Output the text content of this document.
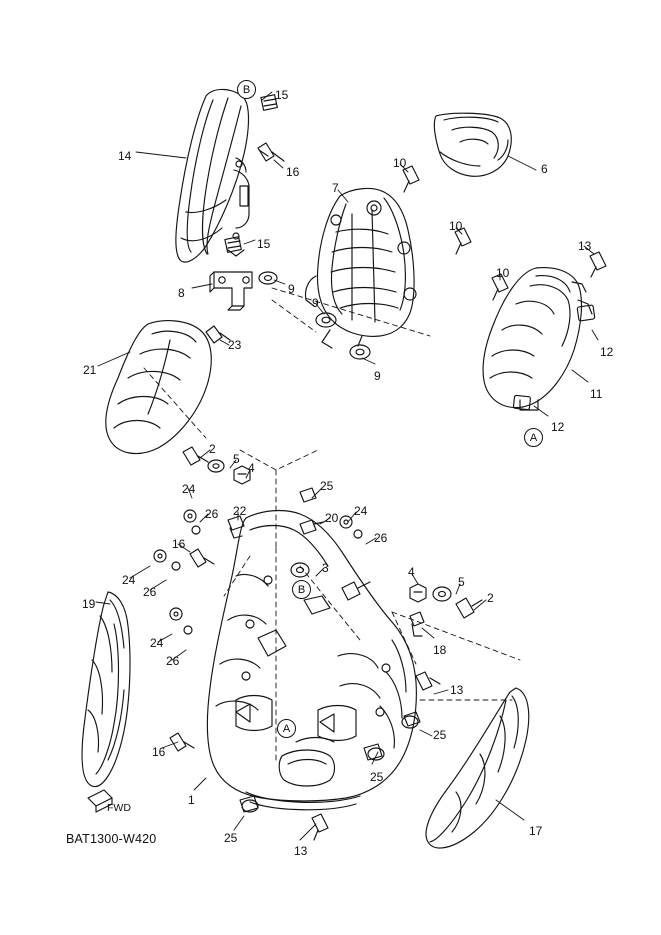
14
15
16
15
8	9
23
7
10
10
10
6
9
9
13
12
11
12
21
2
5
4
24
26 22
25
20 24
26
16
24
26
3	4
5
2
18
19
24
26
13
25
16
25
1
25
13
17
B
A
B
A
FWD
BAT1300-W420
